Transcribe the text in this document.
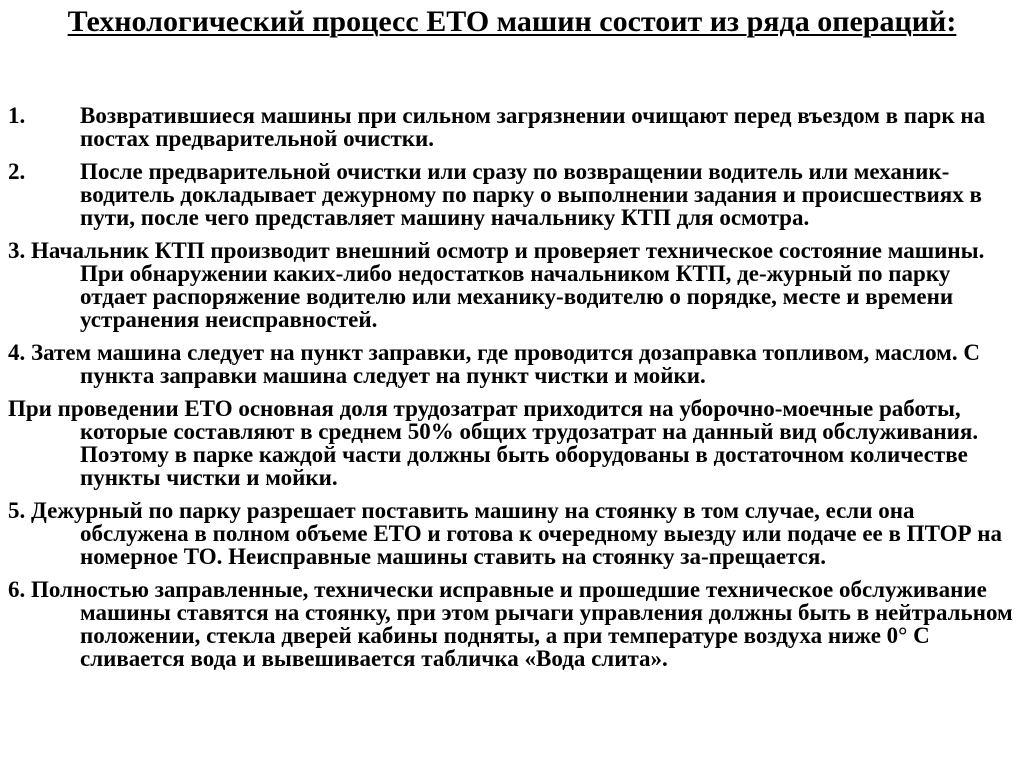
Технологический процесс ЕТО машин состоит из ряда операций:
1. Возвратившиеся машины при сильном загрязнении очищают перед въездом в парк на постах предварительной очистки.
2. После предварительной очистки или сразу по возвращении водитель или механик-водитель докладывает дежурному по парку о выполнении задания и происшествиях в пути, после чего представляет машину начальнику КТП для осмотра.
3. Начальник КТП производит внешний осмотр и проверяет техническое состояние машины. При обнаружении каких-либо недостатков начальником КТП, де-журный по парку отдает распоряжение водителю или механику-водителю о порядке, месте и времени устранения неисправностей.
4. Затем машина следует на пункт заправки, где проводится дозаправка топливом, маслом. С пункта заправки машина следует на пункт чистки и мойки.
При проведении ЕТО основная доля трудозатрат приходится на уборочно-моечные работы, которые составляют в среднем 50% общих трудозатрат на данный вид обслуживания. Поэтому в парке каждой части должны быть оборудованы в достаточном количестве пункты чистки и мойки.
5. Дежурный по парку разрешает поставить машину на стоянку в том случае, если она обслужена в полном объеме ЕТО и готова к очередному выезду или подаче ее в ПТОР на номерное ТО. Неисправные машины ставить на стоянку за-прещается.
6. Полностью заправленные, технически исправные и прошедшие техническое обслуживание машины ставятся на стоянку, при этом рычаги управления должны быть в нейтральном положении, стекла дверей кабины подняты, а при температуре воздуха ниже 0° С сливается вода и вывешивается табличка «Вода слита».
